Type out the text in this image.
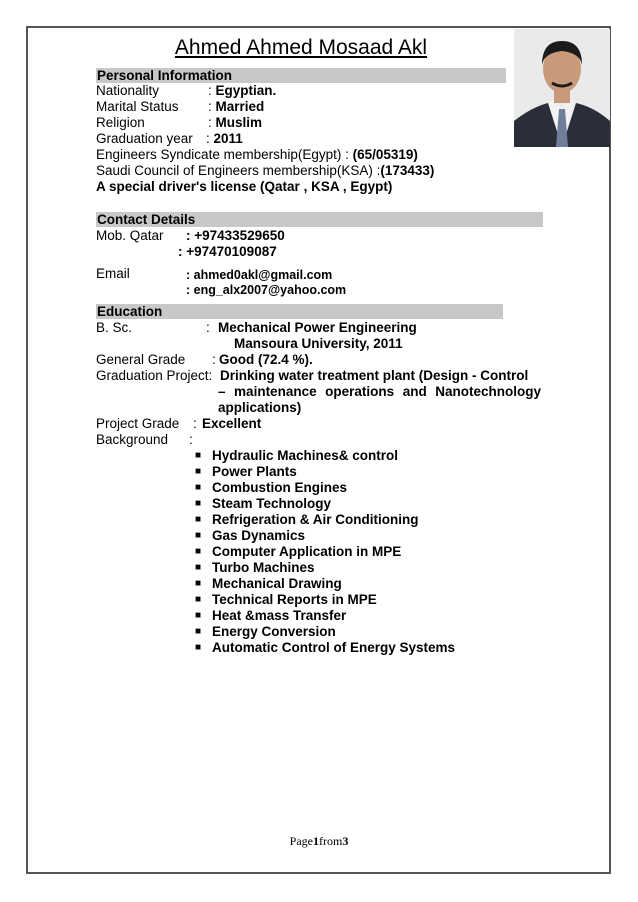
Ahmed Ahmed Mosaad Akl
Personal Information
Nationality	: Egyptian.
Marital Status : Married
Religion	: Muslim
Graduation year : 2011
Engineers Syndicate membership(Egypt) : (65/05319)
Saudi Council of Engineers membership(KSA) :(173433)
A special driver's license (Qatar , KSA , Egypt)
Contact Details
Mob. Qatar : +97433529650
: +97470109087
Email	: ahmed0akl@gmail.com
: eng_alx2007@yahoo.com
Education
B. Sc.	: Mechanical Power Engineering
Mansoura University, 2011
General Grade : Good (72.4 %).
Graduation Project: Drinking water treatment plant (Design - Control
– maintenance operations and Nanotechnology
applications)
Project Grade : Excellent
Background :
■ Hydraulic Machines& control
■ Power Plants
■ Combustion Engines
■ Steam Technology
■ Refrigeration & Air Conditioning
■ Gas Dynamics
■ Computer Application in MPE
■ Turbo Machines
■ Mechanical Drawing
■ Technical Reports in MPE
■ Heat &mass Transfer
■ Energy Conversion
■ Automatic Control of Energy Systems
Page1from3
